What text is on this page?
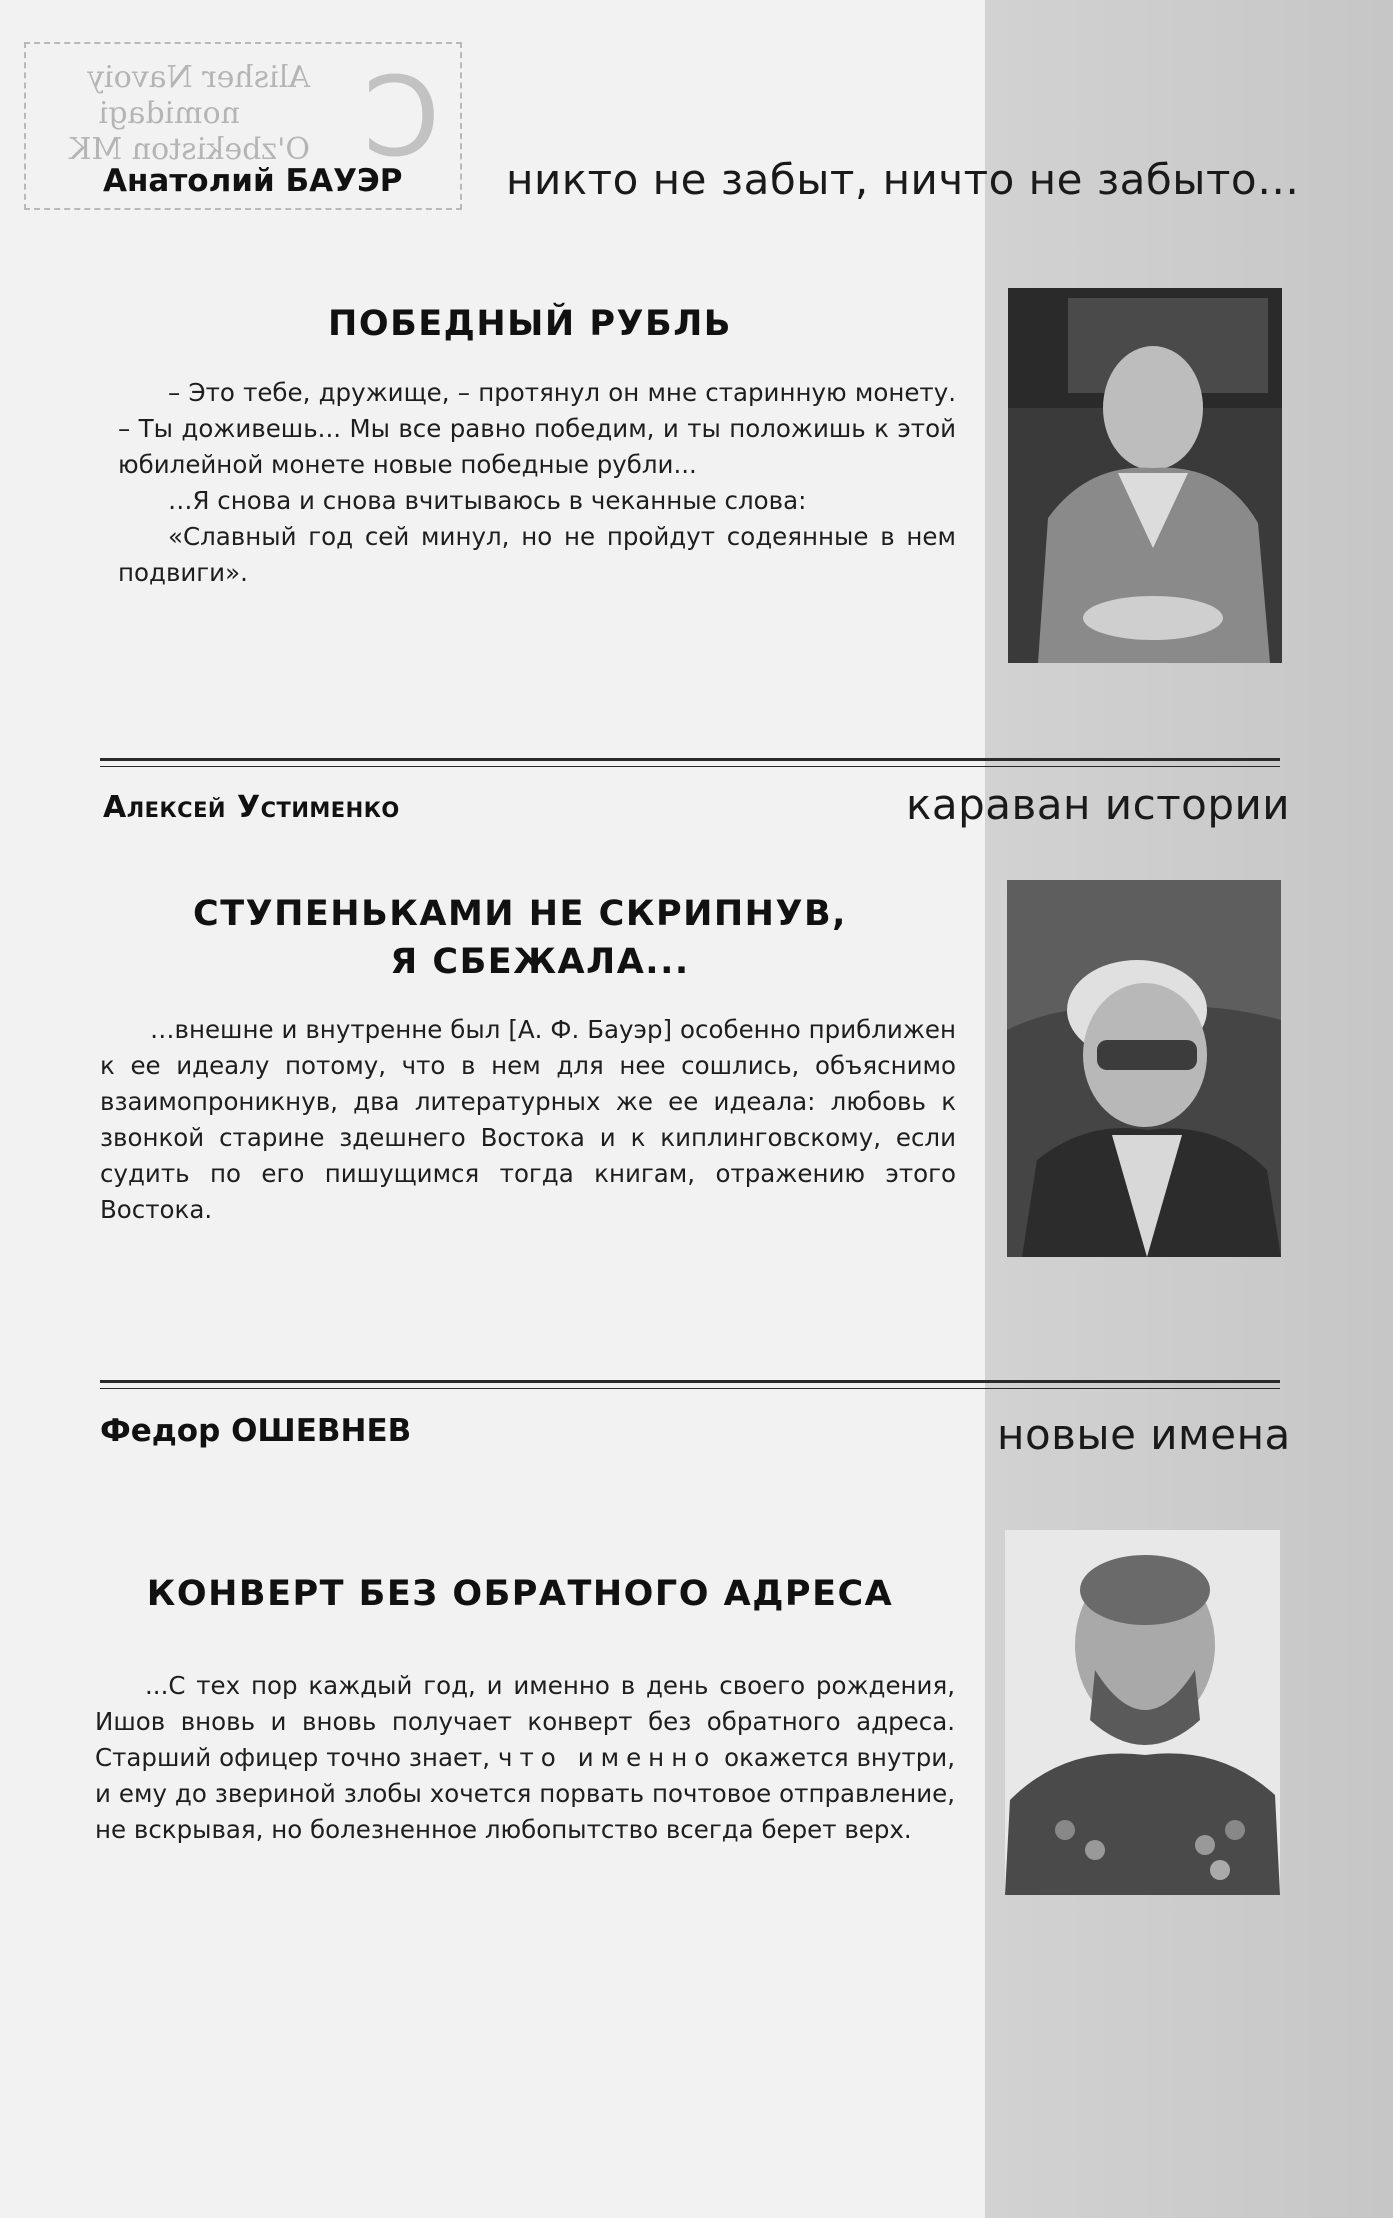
C
Alisher Navoiy
nomidagi
O'zbekiston MK
Анатолий БАУЭР никто не забыт, ничто не забыто…
ПОБЕДНЫЙ РУБЛЬ

– Это тебе, дружище, – протянул он мне старинную монету. – Ты доживешь... Мы все равно победим, и ты положишь к этой юбилейной монете новые победные рубли...

…Я снова и снова вчитываюсь в чеканные слова:

«Славный год сей минул, но не пройдут содеянные в нем подвиги».

Алексей Устименко	караван истории
СТУПЕНЬКАМИ НЕ СКРИПНУВ,
Я СБЕЖАЛА...

…внешне и внутренне был [А. Ф. Бауэр] особенно приближен к ее идеалу потому, что в нем для нее сошлись, объяснимо взаимопроникнув, два литературных же ее идеала: любовь к звонкой старине здешнего Востока и к киплинговскому, если судить по его пишущимся тогда книгам, отражению этого Востока.

Федор ОШЕВНЕВ	новые имена
КОНВЕРТ БЕЗ ОБРАТНОГО АДРЕСА

...С тех пор каждый год, и именно в день своего рождения, Ишов вновь и вновь получает конверт без обратного адреса. Старший офицер точно знает, что именно окажется внутри, и ему до звериной злобы хочется порвать почтовое отправление, не вскрывая, но болезненное любопытство всегда берет верх.
